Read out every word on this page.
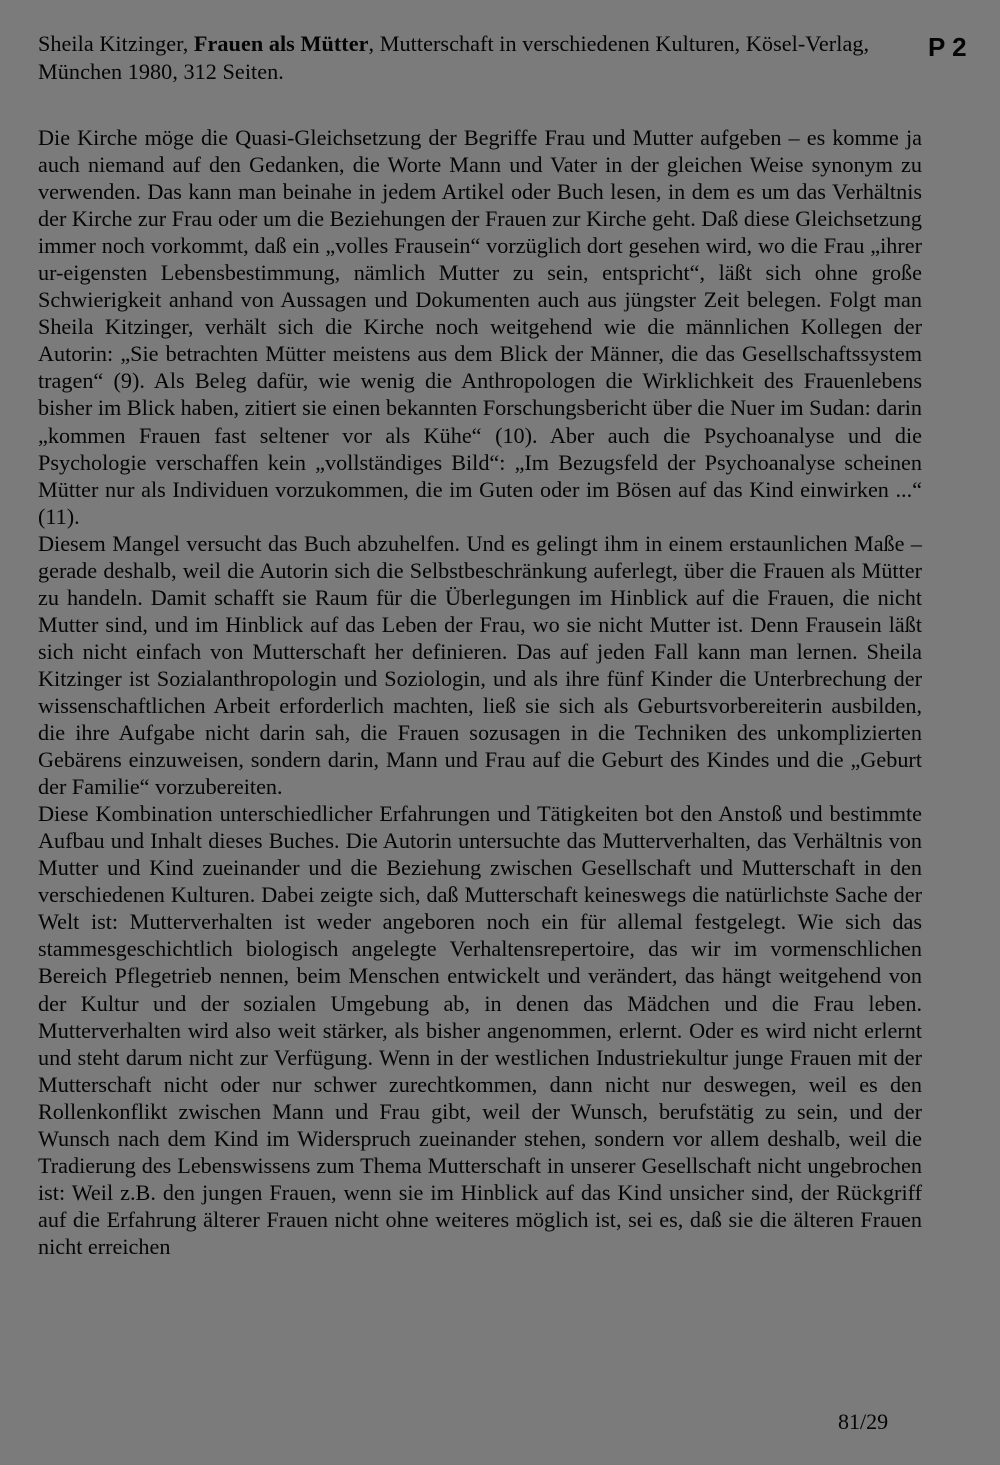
Sheila Kitzinger, Frauen als Mütter, Mutterschaft in verschiedenen Kulturen, Kösel-Verlag, München 1980, 312 Seiten.
P 2

Die Kirche möge die Quasi-Gleichsetzung der Begriffe Frau und Mutter aufgeben – es komme ja auch niemand auf den Gedanken, die Worte Mann und Vater in der gleichen Weise synonym zu verwenden. Das kann man beinahe in jedem Artikel oder Buch lesen, in dem es um das Verhältnis der Kirche zur Frau oder um die Beziehungen der Frauen zur Kirche geht. Daß diese Gleichsetzung immer noch vorkommt, daß ein „volles Frausein“ vorzüglich dort gesehen wird, wo die Frau „ihrer ur-eigensten Lebensbestimmung, nämlich Mutter zu sein, entspricht“, läßt sich ohne große Schwierigkeit anhand von Aussagen und Dokumenten auch aus jüngster Zeit belegen. Folgt man Sheila Kitzinger, verhält sich die Kirche noch weitgehend wie die männlichen Kollegen der Autorin: „Sie betrachten Mütter meistens aus dem Blick der Männer, die das Gesellschaftssystem tragen“ (9). Als Beleg dafür, wie wenig die Anthropologen die Wirklichkeit des Frauenlebens bisher im Blick haben, zitiert sie einen bekannten Forschungsbericht über die Nuer im Sudan: darin „kommen Frauen fast seltener vor als Kühe“ (10). Aber auch die Psychoanalyse und die Psychologie verschaffen kein „vollständiges Bild“: „Im Bezugsfeld der Psychoanalyse scheinen Mütter nur als Individuen vorzukommen, die im Guten oder im Bösen auf das Kind einwirken ...“ (11).

Diesem Mangel versucht das Buch abzuhelfen. Und es gelingt ihm in einem erstaunlichen Maße – gerade deshalb, weil die Autorin sich die Selbstbeschränkung auferlegt, über die Frauen als Mütter zu handeln. Damit schafft sie Raum für die Überlegungen im Hinblick auf die Frauen, die nicht Mutter sind, und im Hinblick auf das Leben der Frau, wo sie nicht Mutter ist. Denn Frausein läßt sich nicht einfach von Mutterschaft her definieren. Das auf jeden Fall kann man lernen. Sheila Kitzinger ist Sozialanthropologin und Soziologin, und als ihre fünf Kinder die Unterbrechung der wissenschaftlichen Arbeit erforderlich machten, ließ sie sich als Geburtsvorbereiterin ausbilden, die ihre Aufgabe nicht darin sah, die Frauen sozusagen in die Techniken des unkomplizierten Gebärens einzuweisen, sondern darin, Mann und Frau auf die Geburt des Kindes und die „Geburt der Familie“ vorzubereiten.

Diese Kombination unterschiedlicher Erfahrungen und Tätigkeiten bot den Anstoß und bestimmte Aufbau und Inhalt dieses Buches. Die Autorin untersuchte das Mutterverhalten, das Verhältnis von Mutter und Kind zueinander und die Beziehung zwischen Gesellschaft und Mutterschaft in den verschiedenen Kulturen. Dabei zeigte sich, daß Mutterschaft keineswegs die natürlichste Sache der Welt ist: Mutterverhalten ist weder angeboren noch ein für allemal festgelegt. Wie sich das stammesgeschichtlich biologisch angelegte Verhaltensrepertoire, das wir im vormenschlichen Bereich Pflegetrieb nennen, beim Menschen entwickelt und verändert, das hängt weitgehend von der Kultur und der sozialen Umgebung ab, in denen das Mädchen und die Frau leben. Mutterverhalten wird also weit stärker, als bisher angenommen, erlernt. Oder es wird nicht erlernt und steht darum nicht zur Verfügung. Wenn in der westlichen Industriekultur junge Frauen mit der Mutterschaft nicht oder nur schwer zurechtkommen, dann nicht nur deswegen, weil es den Rollenkonflikt zwischen Mann und Frau gibt, weil der Wunsch, berufstätig zu sein, und der Wunsch nach dem Kind im Widerspruch zueinander stehen, sondern vor allem deshalb, weil die Tradierung des Lebenswissens zum Thema Mutterschaft in unserer Gesellschaft nicht ungebrochen ist: Weil z.B. den jungen Frauen, wenn sie im Hinblick auf das Kind unsicher sind, der Rückgriff auf die Erfahrung älterer Frauen nicht ohne weiteres möglich ist, sei es, daß sie die älteren Frauen nicht erreichen

81/29
